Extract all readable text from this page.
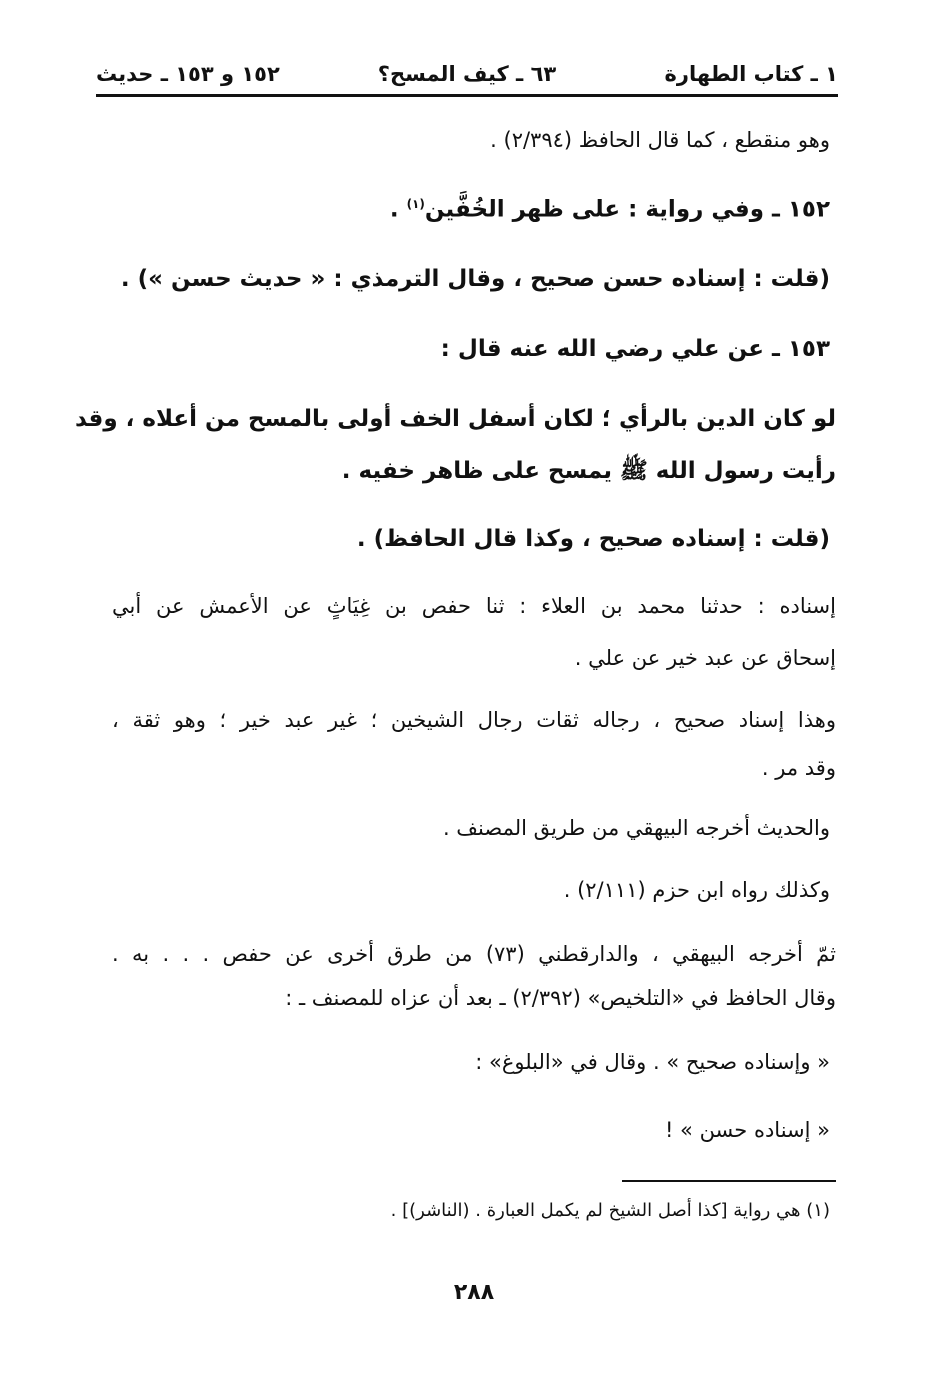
١ ـ كتاب الطهارة
٦٣ ـ كيف المسح؟
١٥٢ و ١٥٣ ـ حديث
وهو منقطع ، كما قال الحافظ (٢/٣٩٤) .
١٥٢ ـ وفي رواية : على ظهر الخُفَّين$^{(١)}$ .
(قلت : إسناده حسن صحيح ، وقال الترمذي : « حديث حسن ») .
١٥٣ ـ عن علي رضي الله عنه قال :
لو كان الدين بالرأي ؛ لكان أسفل الخف أولى بالمسح من أعلاه ، وقد
رأيت رسول الله ﷺ يمسح على ظاهر خفيه .
(قلت : إسناده صحيح ، وكذا قال الحافظ) .
إسناده : حدثنا محمد بن العلاء : ثنا حفص بن غِيَاثٍ عن الأعمش عن أبي
إسحاق عن عبد خير عن علي .
وهذا إسناد صحيح ، رجاله ثقات رجال الشيخين ؛ غير عبد خير ؛ وهو ثقة ،
وقد مر .
والحديث أخرجه البيهقي من طريق المصنف .
وكذلك رواه ابن حزم (٢/١١١) .
ثمّ أخرجه البيهقي ، والدارقطني (٧٣) من طرق أخرى عن حفص . . . به .
وقال الحافظ في «التلخيص» (٢/٣٩٢) ـ بعد أن عزاه للمصنف ـ :
« وإسناده صحيح » . وقال في «البلوغ» :
« إسناده حسن » !
(١) هي رواية [كذا أصل الشيخ لم يكمل العبارة . (الناشر)] .
٢٨٨
